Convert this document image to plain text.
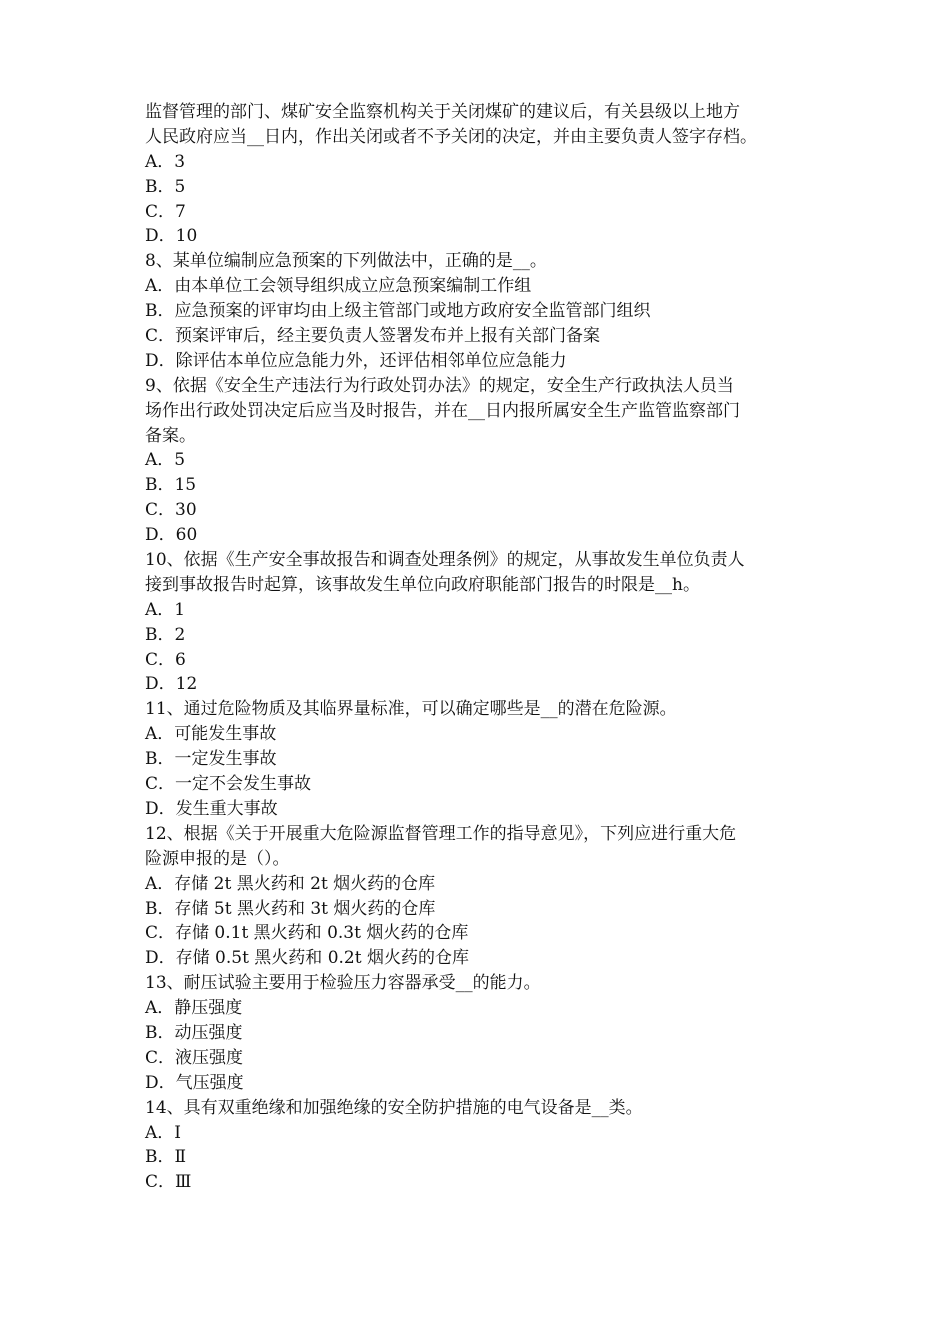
监督管理的部门、煤矿安全监察机构关于关闭煤矿的建议后，有关县级以上地方
人民政府应当__日内，作出关闭或者不予关闭的决定，并由主要负责人签字存档。
A．3
B．5
C．7
D．10
8、某单位编制应急预案的下列做法中，正确的是__。
A．由本单位工会领导组织成立应急预案编制工作组
B．应急预案的评审均由上级主管部门或地方政府安全监管部门组织
C．预案评审后，经主要负责人签署发布并上报有关部门备案
D．除评估本单位应急能力外，还评估相邻单位应急能力
9、依据《安全生产违法行为行政处罚办法》的规定，安全生产行政执法人员当
场作出行政处罚决定后应当及时报告，并在__日内报所属安全生产监管监察部门
备案。
A．5
B．15
C．30
D．60
10、依据《生产安全事故报告和调查处理条例》的规定，从事故发生单位负责人
接到事故报告时起算，该事故发生单位向政府职能部门报告的时限是__h。
A．1
B．2
C．6
D．12
11、通过危险物质及其临界量标准，可以确定哪些是__的潜在危险源。
A．可能发生事故
B．一定发生事故
C．一定不会发生事故
D．发生重大事故
12、根据《关于开展重大危险源监督管理工作的指导意见》，下列应进行重大危
险源申报的是（）。
A．存储 2t 黑火药和 2t 烟火药的仓库
B．存储 5t 黑火药和 3t 烟火药的仓库
C．存储 0.1t 黑火药和 0.3t 烟火药的仓库
D．存储 0.5t 黑火药和 0.2t 烟火药的仓库
13、耐压试验主要用于检验压力容器承受__的能力。
A．静压强度
B．动压强度
C．液压强度
D．气压强度
14、具有双重绝缘和加强绝缘的安全防护措施的电气设备是__类。
A．Ⅰ
B．Ⅱ
C．Ⅲ
